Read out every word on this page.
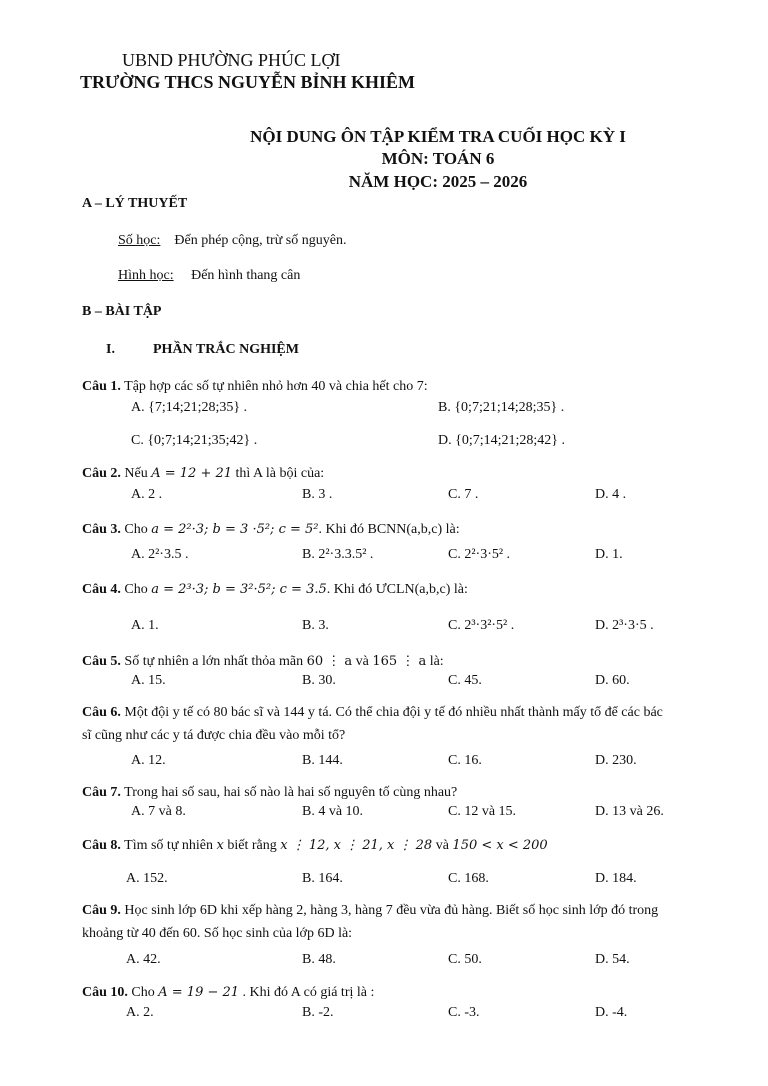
UBND PHƯỜNG PHÚC LỢI
TRƯỜNG THCS NGUYỄN BỈNH KHIÊM
NỘI DUNG ÔN TẬP KIỂM TRA CUỐI HỌC KỲ I
MÔN: TOÁN 6
NĂM HỌC: 2025 – 2026
A – LÝ THUYẾT
Số học: Đến phép cộng, trừ số nguyên.
Hình học: Đến hình thang cân
B – BÀI TẬP
I.	PHẦN TRẮC NGHIỆM
Câu 1. Tập hợp các số tự nhiên nhỏ hơn 40 và chia hết cho 7:
A. {7;14;21;28;35} .	B. {0;7;21;14;28;35} .
C. {0;7;14;21;35;42} .	D. {0;7;14;21;28;42} .
Câu 2. Nếu A = 12 + 21 thì A là bội của:
A. 2 .	B. 3 .	C. 7 .	D. 4 .
Câu 3. Cho a = 2²·3; b = 3 ·5²; c = 5². Khi đó BCNN(a,b,c) là:
A. 2²·3.5 .	B. 2²·3.3.5² .	C. 2²·3·5² .	D. 1.
Câu 4. Cho a = 2³·3; b = 3²·5²; c = 3.5. Khi đó ƯCLN(a,b,c) là:
A. 1.	B. 3.	C. 2³·3²·5² .	D. 2³·3·5 .
Câu 5. Số tự nhiên a lớn nhất thỏa mãn 60 ⋮ a và 165 ⋮ a là:
A. 15.	B. 30.	C. 45.	D. 60.
Câu 6. Một đội y tế có 80 bác sĩ và 144 y tá. Có thể chia đội y tế đó nhiều nhất thành mấy tổ để các bác
sĩ cũng như các y tá được chia đều vào mỗi tổ?
A. 12.	B. 144.	C. 16.	D. 230.
Câu 7. Trong hai số sau, hai số nào là hai số nguyên tố cùng nhau?
A. 7 và 8.	B. 4 và 10.	C. 12 và 15.	D. 13 và 26.
Câu 8. Tìm số tự nhiên x biết rằng x ⋮ 12, x ⋮ 21, x ⋮ 28 và 150 < x < 200
A. 152.	B. 164.	C. 168.	D. 184.
Câu 9. Học sinh lớp 6D khi xếp hàng 2, hàng 3, hàng 7 đều vừa đủ hàng. Biết số học sinh lớp đó trong
khoảng từ 40 đến 60. Số học sinh của lớp 6D là:
A. 42.	B. 48.	C. 50.	D. 54.
Câu 10. Cho A = 19 − 21 . Khi đó A có giá trị là :
A. 2.	B. -2.	C. -3.	D. -4.
